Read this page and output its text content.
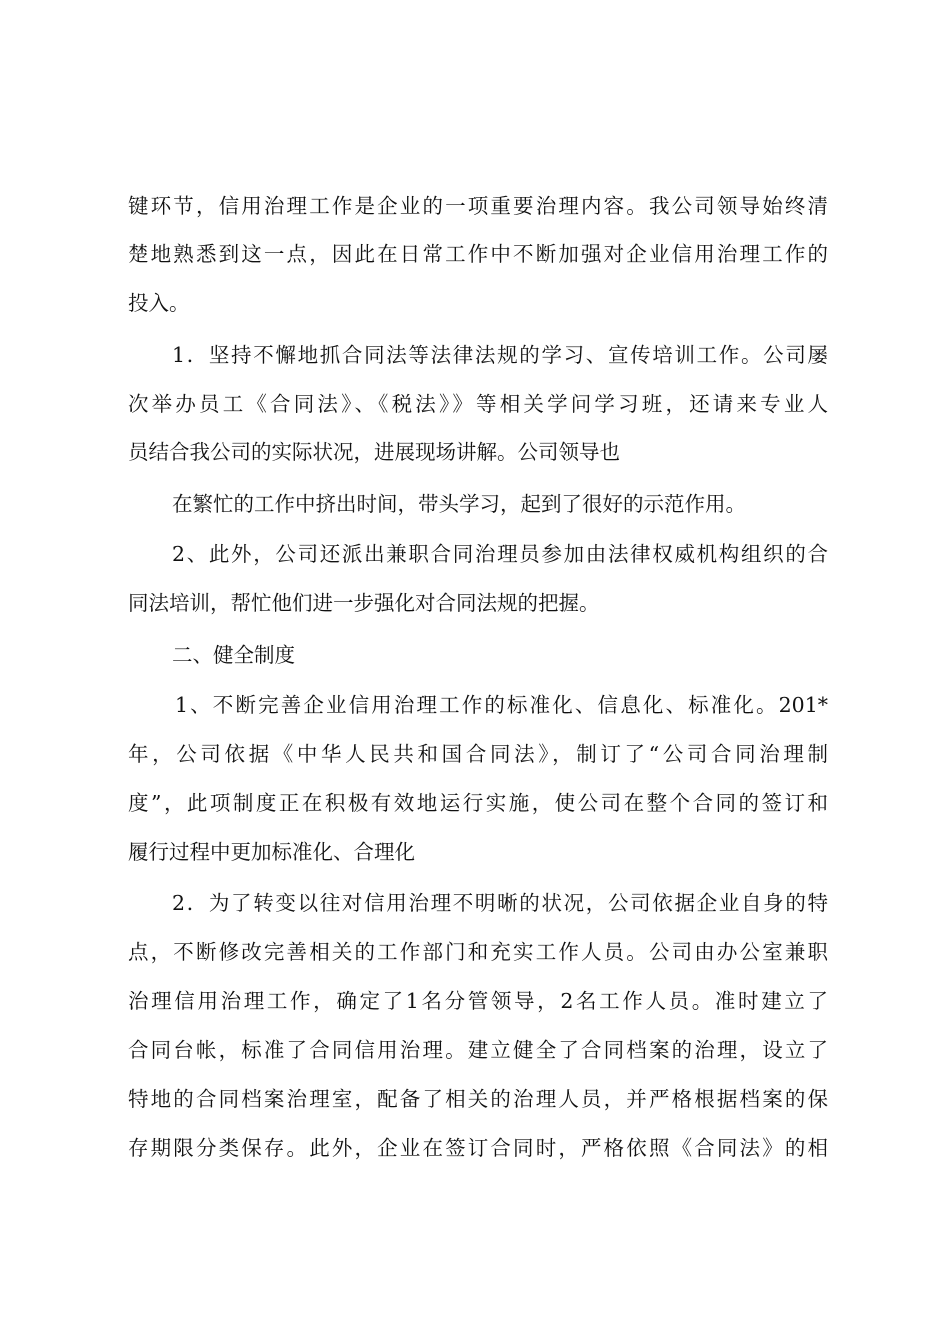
键环节，信用治理工作是企业的一项重要治理内容。我公司领导始终清
楚地熟悉到这一点，因此在日常工作中不断加强对企业信用治理工作的
投入。
1．坚持不懈地抓合同法等法律法规的学习、宣传培训工作。公司屡
次举办员工《合同法》、《税法》》等相关学问学习班，还请来专业人
员结合我公司的实际状况，进展现场讲解。公司领导也
在繁忙的工作中挤出时间，带头学习，起到了很好的示范作用。
2、此外，公司还派出兼职合同治理员参加由法律权威机构组织的合
同法培训，帮忙他们进一步强化对合同法规的把握。
二、健全制度
1、不断完善企业信用治理工作的标准化、信息化、标准化。201*
年，公司依据《中华人民共和国合同法》，制订了“公司合同治理制
度”，此项制度正在积极有效地运行实施，使公司在整个合同的签订和
履行过程中更加标准化、合理化
2．为了转变以往对信用治理不明晰的状况，公司依据企业自身的特
点，不断修改完善相关的工作部门和充实工作人员。公司由办公室兼职
治理信用治理工作，确定了1名分管领导，2名工作人员。准时建立了
合同台帐，标准了合同信用治理。建立健全了合同档案的治理，设立了
特地的合同档案治理室，配备了相关的治理人员，并严格根据档案的保
存期限分类保存。此外，企业在签订合同时，严格依照《合同法》的相
